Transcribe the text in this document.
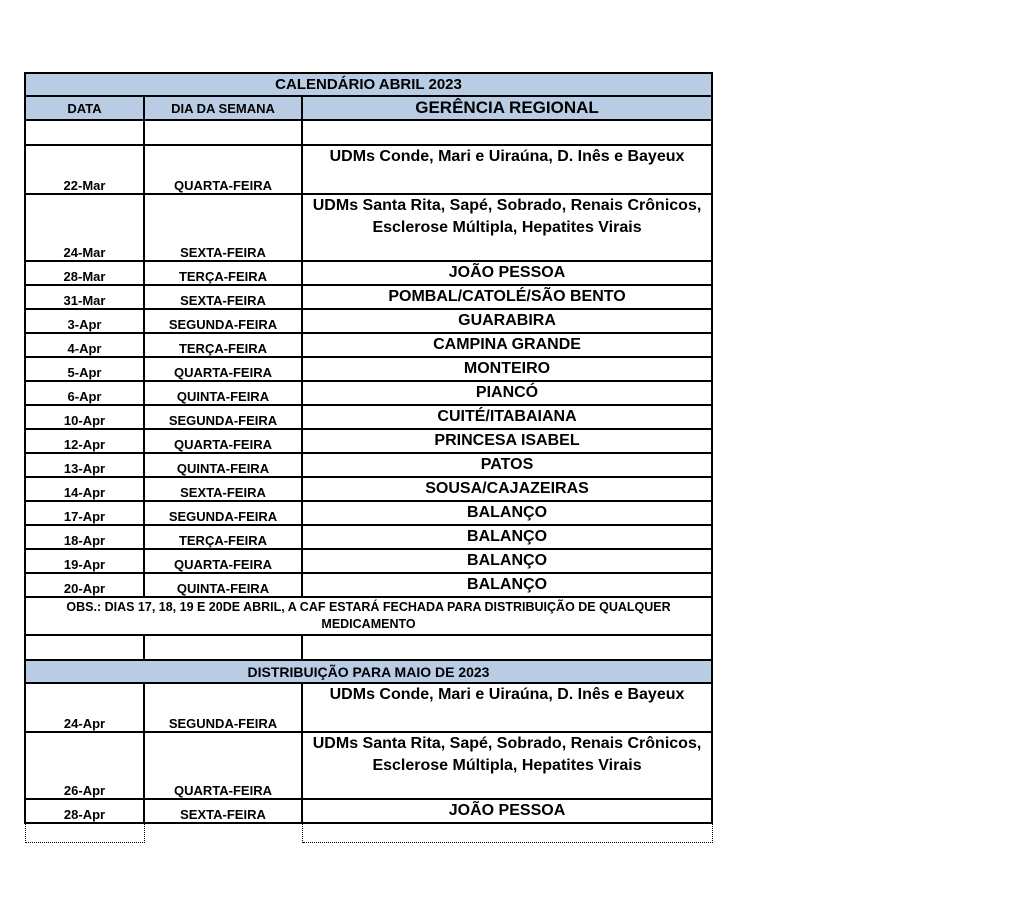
CALENDÁRIO ABRIL 2023		
DATA	DIA DA SEMANA	GERÊNCIA REGIONAL

22-Mar	QUARTA-FEIRA	UDMs Conde, Mari e Uiraúna, D. Inês e Bayeux
24-Mar	SEXTA-FEIRA	UDMs Santa Rita, Sapé, Sobrado, Renais Crônicos, Esclerose Múltipla, Hepatites Virais
28-Mar	TERÇA-FEIRA	JOÃO PESSOA
31-Mar	SEXTA-FEIRA	POMBAL/CATOLÉ/SÃO BENTO
3-Apr	SEGUNDA-FEIRA	GUARABIRA
4-Apr	TERÇA-FEIRA	CAMPINA GRANDE
5-Apr	QUARTA-FEIRA	MONTEIRO
6-Apr	QUINTA-FEIRA	PIANCÓ
10-Apr	SEGUNDA-FEIRA	CUITÉ/ITABAIANA
12-Apr	QUARTA-FEIRA	PRINCESA ISABEL
13-Apr	QUINTA-FEIRA	PATOS
14-Apr	SEXTA-FEIRA	SOUSA/CAJAZEIRAS
17-Apr	SEGUNDA-FEIRA	BALANÇO
18-Apr	TERÇA-FEIRA	BALANÇO
19-Apr	QUARTA-FEIRA	BALANÇO
20-Apr	QUINTA-FEIRA	BALANÇO
OBS.: DIAS 17, 18, 19 E 20DE ABRIL, A CAF ESTARÁ FECHADA PARA DISTRIBUIÇÃO DE QUALQUER MEDICAMENTO		

DISTRIBUIÇÃO PARA MAIO DE 2023		
24-Apr	SEGUNDA-FEIRA	UDMs Conde, Mari e Uiraúna, D. Inês e Bayeux
26-Apr	QUARTA-FEIRA	UDMs Santa Rita, Sapé, Sobrado, Renais Crônicos, Esclerose Múltipla, Hepatites Virais
28-Apr	SEXTA-FEIRA	JOÃO PESSOA
